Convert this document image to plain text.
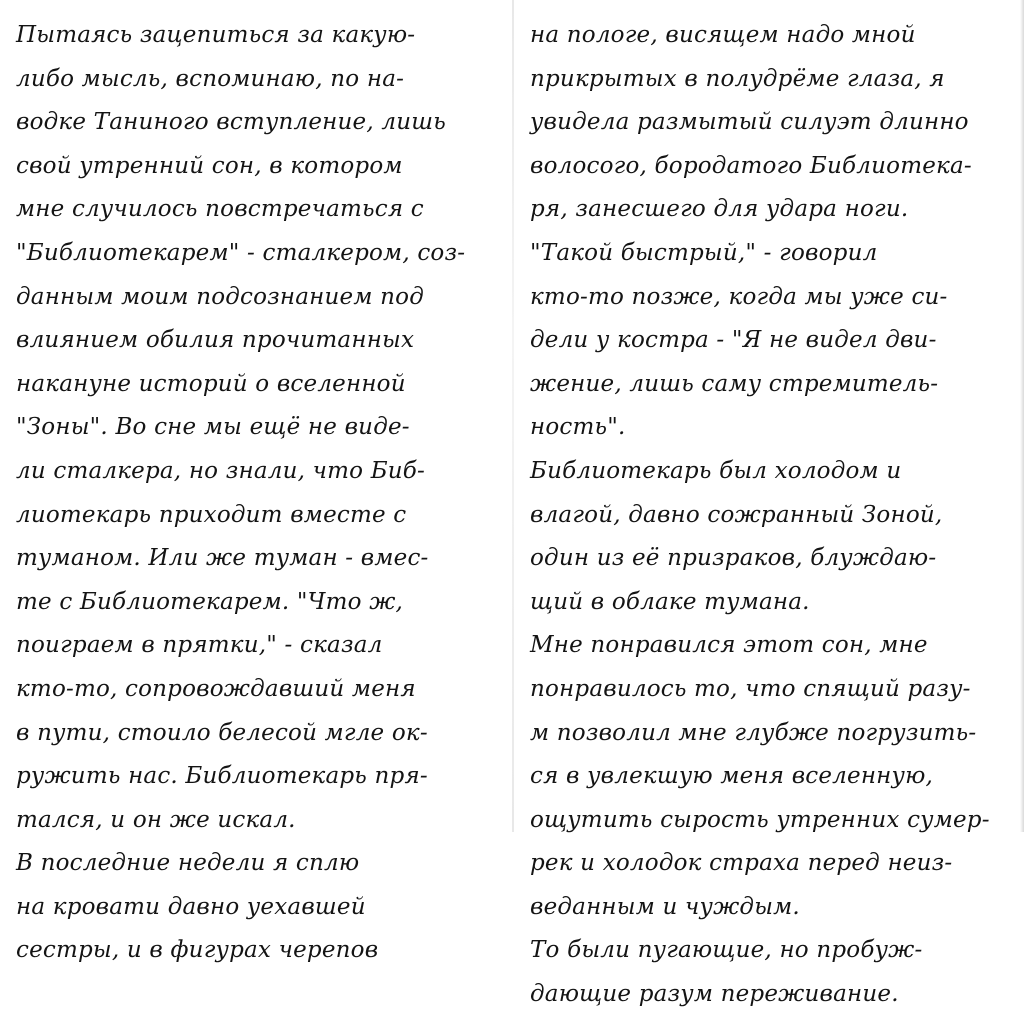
Пытаясь зацепиться за какую-
либо мысль, вспоминаю, по на-
водке Таниного вступление, лишь
свой утренний сон, в котором
мне случилось повстречаться с
"Библиотекарем" - сталкером, соз-
данным моим подсознанием под
влиянием обилия прочитанных
накануне историй о вселенной
"Зоны". Во сне мы ещё не виде-
ли сталкера, но знали, что Биб-
лиотекарь приходит вместе с
туманом. Или же туман - вмес-
те с Библиотекарем. "Что ж,
поиграем в прятки," - сказал
кто-то, сопровождавший меня
в пути, стоило белесой мгле ок-
ружить нас. Библиотекарь пря-
тался, и он же искал.
В последние недели я сплю
на кровати давно уехавшей
сестры, и в фигурах черепов
на пологе, висящем надо мной
прикрытых в полудрёме глаза, я
увидела размытый силуэт длинно
волосого, бородатого Библиотека-
ря, занесшего для удара ноги.
"Такой быстрый," - говорил
кто-то позже, когда мы уже си-
дели у костра - "Я не видел дви-
жение, лишь саму стремитель-
ность".
Библиотекарь был холодом и
влагой, давно сожранный Зоной,
один из её призраков, блуждаю-
щий в облаке тумана.
Мне понравился этот сон, мне
понравилось то, что спящий разу-
м позволил мне глубже погрузить-
ся в увлекшую меня вселенную,
ощутить сырость утренних сумер-
рек и холодок страха перед неиз-
веданным и чуждым.
То были пугающие, но пробуж-
дающие разум переживание.
